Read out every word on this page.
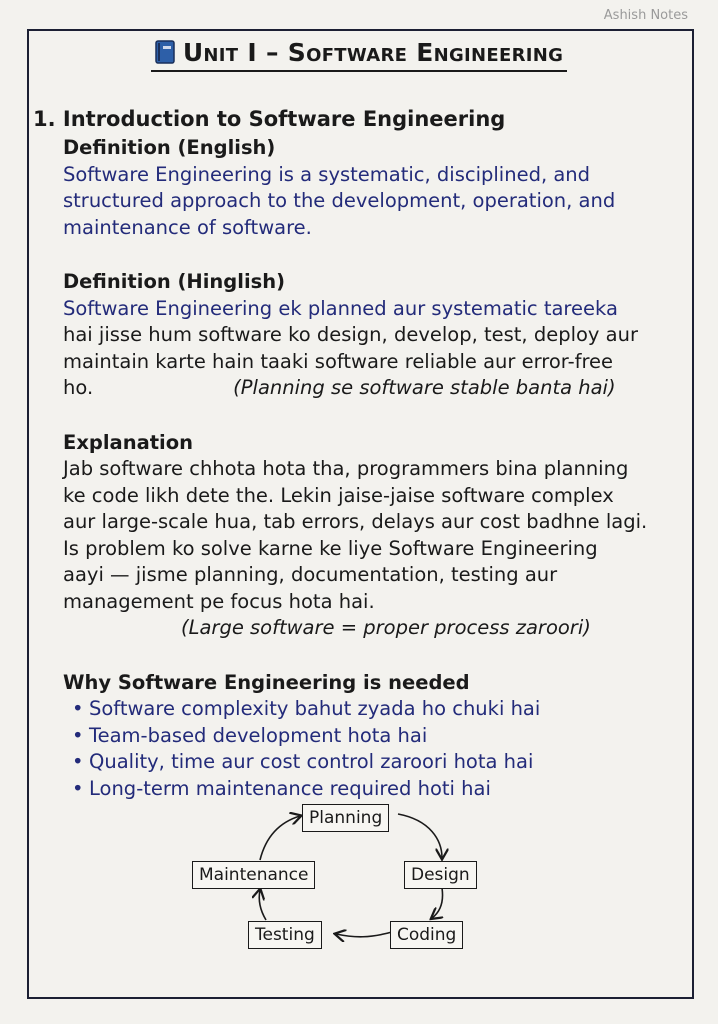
Ashish Notes
Unit I – Software Engineering
1. Introduction to Software Engineering
Definition (English)
Software Engineering is a systematic, disciplined, and
structured approach to the development, operation, and
maintenance of software.
Definition (Hinglish)
Software Engineering ek planned aur systematic tareeka
hai jisse hum software ko design, develop, test, deploy aur
maintain karte hain taaki software reliable aur error-free
ho.	(Planning se software stable banta hai)
Explanation
Jab software chhota hota tha, programmers bina planning
ke code likh dete the. Lekin jaise-jaise software complex
aur large-scale hua, tab errors, delays aur cost badhne lagi.
Is problem ko solve karne ke liye Software Engineering
aayi — jisme planning, documentation, testing aur
management pe focus hota hai.
(Large software = proper process zaroori)
Why Software Engineering is needed
• Software complexity bahut zyada ho chuki hai
• Team-based development hota hai
• Quality, time aur cost control zaroori hota hai
• Long-term maintenance required hoti hai
Planning
Design
Coding
Testing
Maintenance
